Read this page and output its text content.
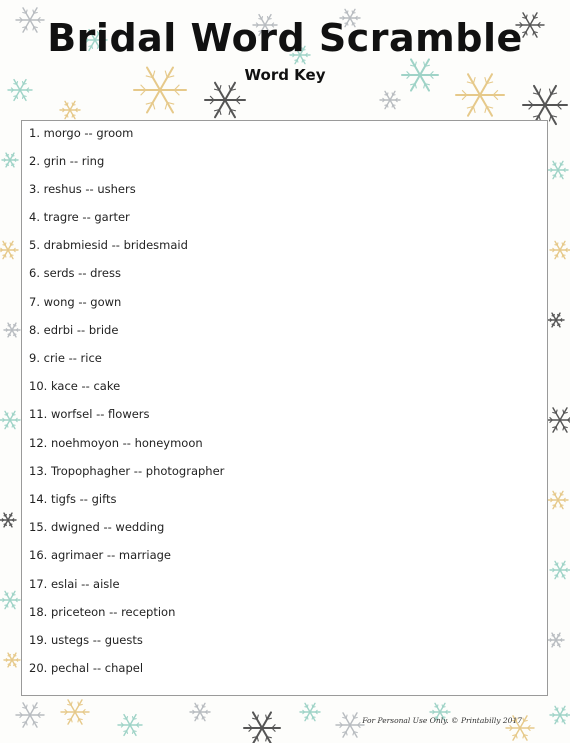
Bridal Word Scramble
Word Key
1. morgo -- groom
2. grin -- ring
3. reshus -- ushers
4. tragre -- garter
5. drabmiesid -- bridesmaid
6. serds -- dress
7. wong -- gown
8. edrbi -- bride
9. crie -- rice
10. kace -- cake
11. worfsel -- flowers
12. noehmoyon -- honeymoon
13. Tropophagher -- photographer
14. tigfs -- gifts
15. dwigned -- wedding
16. agrimaer -- marriage
17. eslai -- aisle
18. priceteon -- reception
19. ustegs -- guests
20. pechal -- chapel
For Personal Use Only. © Printabilly 2017
